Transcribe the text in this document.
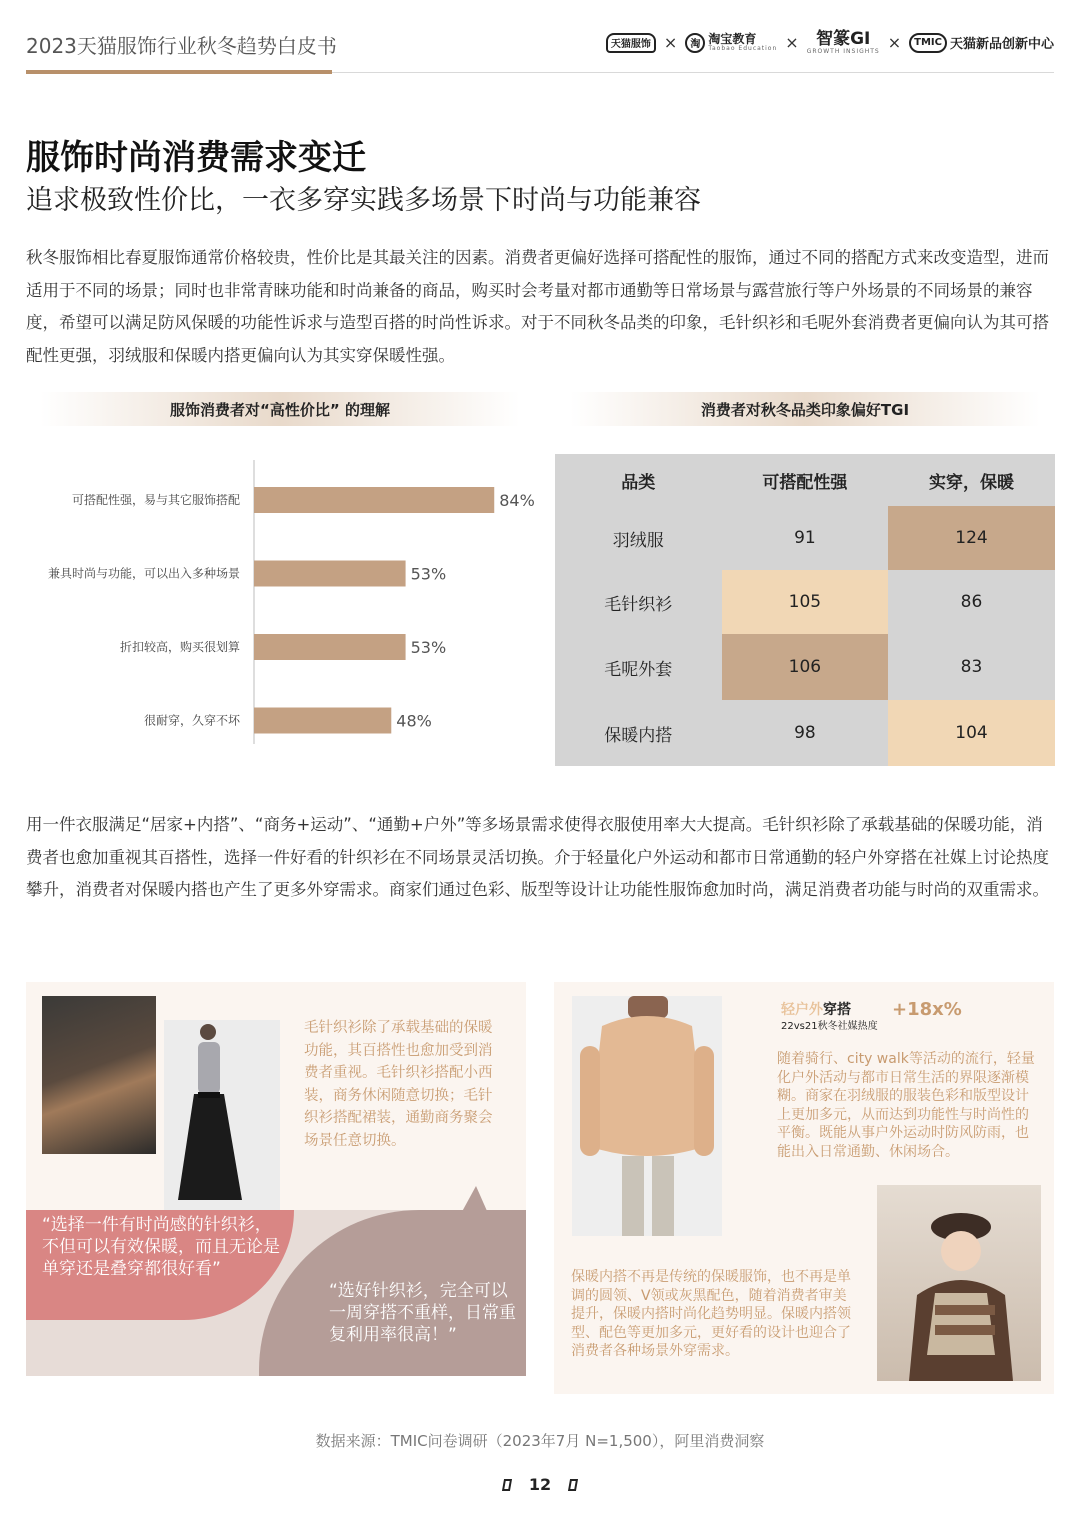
2023天猫服饰行业秋冬趋势白皮书	天猫服饰 ×	淘 淘宝教育
Taobao Education × 智篆GI
GROWTH INSIGHTS ×	TMIC 天猫新品创新中心
服饰时尚消费需求变迁
追求极致性价比，一衣多穿实践多场景下时尚与功能兼容
秋冬服饰相比春夏服饰通常价格较贵，性价比是其最关注的因素。消费者更偏好选择可搭配性的服饰，通过不同的搭配方式来改变造型，进而适用于不同的场景；同时也非常青睐功能和时尚兼备的商品，购买时会考量对都市通勤等日常场景与露营旅行等户外场景的不同场景的兼容度，希望可以满足防风保暖的功能性诉求与造型百搭的时尚性诉求。对于不同秋冬品类的印象，毛针织衫和毛呢外套消费者更偏向认为其可搭配性更强，羽绒服和保暖内搭更偏向认为其实穿保暖性强。
服饰消费者对“高性价比” 的理解	消费者对秋冬品类印象偏好TGI
可搭配性强，易与其它服饰搭配	84%
兼具时尚与功能，可以出入多种场景	53%
折扣较高，购买很划算	53%
很耐穿，久穿不坏	48%
品类	可搭配性强	实穿，保暖
羽绒服	91	124
毛针织衫	105	86
毛呢外套	106	83
保暖内搭	98	104
用一件衣服满足“居家+内搭”、“商务+运动”、“通勤+户外”等多场景需求使得衣服使用率大大提高。毛针织衫除了承载基础的保暖功能，消费者也愈加重视其百搭性，选择一件好看的针织衫在不同场景灵活切换。介于轻量化户外运动和都市日常通勤的轻户外穿搭在社媒上讨论热度攀升，消费者对保暖内搭也产生了更多外穿需求。商家们通过色彩、版型等设计让功能性服饰愈加时尚，满足消费者功能与时尚的双重需求。
毛针织衫除了承载基础的保暖功能，其百搭性也愈加受到消费者重视。毛针织衫搭配小西装，商务休闲随意切换；毛针织衫搭配裙装，通勤商务聚会场景任意切换。
“选好针织衫，完全可以一周穿搭不重样，日常重复利用率很高！”
“选择一件有时尚感的针织衫，不但可以有效保暖，而且无论是单穿还是叠穿都很好看”
轻户外穿搭
22vs21秋冬社媒热度
+18x%
随着骑行、city walk等活动的流行，轻量化户外活动与都市日常生活的界限逐渐模糊。商家在羽绒服的服装色彩和版型设计上更加多元，从而达到功能性与时尚性的平衡。既能从事户外运动时防风防雨，也能出入日常通勤、休闲场合。
保暖内搭不再是传统的保暖服饰，也不再是单调的圆领、V领或灰黑配色，随着消费者审美提升，保暖内搭时尚化趋势明显。保暖内搭领型、配色等更加多元，更好看的设计也迎合了消费者各种场景外穿需求。
数据来源：TMIC问卷调研（2023年7月 N=1,500），阿里消费洞察
12
